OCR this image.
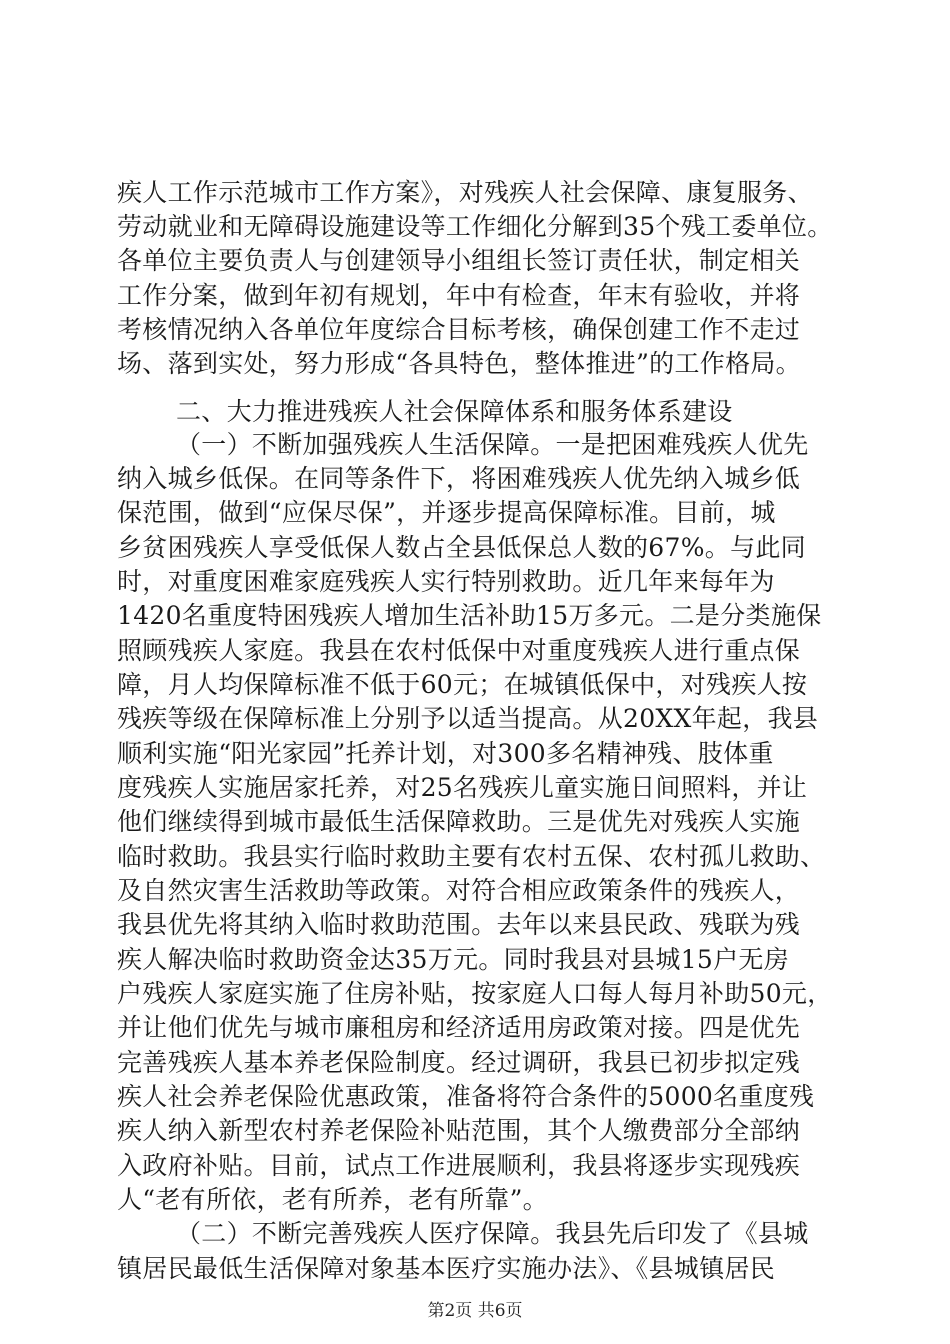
疾人工作示范城市工作方案》，对残疾人社会保障、康复服务、
劳动就业和无障碍设施建设等工作细化分解到35个残工委单位。
各单位主要负责人与创建领导小组组长签订责任状，制定相关
工作分案，做到年初有规划，年中有检查，年末有验收，并将
考核情况纳入各单位年度综合目标考核，确保创建工作不走过
场、落到实处，努力形成“各具特色，整体推进”的工作格局。
二、大力推进残疾人社会保障体系和服务体系建设
（一）不断加强残疾人生活保障。一是把困难残疾人优先
纳入城乡低保。在同等条件下，将困难残疾人优先纳入城乡低
保范围，做到“应保尽保”，并逐步提高保障标准。目前，城
乡贫困残疾人享受低保人数占全县低保总人数的67%。与此同
时，对重度困难家庭残疾人实行特别救助。近几年来每年为
1420名重度特困残疾人增加生活补助15万多元。二是分类施保
照顾残疾人家庭。我县在农村低保中对重度残疾人进行重点保
障，月人均保障标准不低于60元；在城镇低保中，对残疾人按
残疾等级在保障标准上分别予以适当提高。从20XX年起，我县
顺利实施“阳光家园”托养计划，对300多名精神残、肢体重
度残疾人实施居家托养，对25名残疾儿童实施日间照料，并让
他们继续得到城市最低生活保障救助。三是优先对残疾人实施
临时救助。我县实行临时救助主要有农村五保、农村孤儿救助、
及自然灾害生活救助等政策。对符合相应政策条件的残疾人，
我县优先将其纳入临时救助范围。去年以来县民政、残联为残
疾人解决临时救助资金达35万元。同时我县对县城15户无房
户残疾人家庭实施了住房补贴，按家庭人口每人每月补助50元，
并让他们优先与城市廉租房和经济适用房政策对接。四是优先
完善残疾人基本养老保险制度。经过调研，我县已初步拟定残
疾人社会养老保险优惠政策，准备将符合条件的5000名重度残
疾人纳入新型农村养老保险补贴范围，其个人缴费部分全部纳
入政府补贴。目前，试点工作进展顺利，我县将逐步实现残疾
人“老有所依，老有所养，老有所靠”。
（二）不断完善残疾人医疗保障。我县先后印发了《县城
镇居民最低生活保障对象基本医疗实施办法》、《县城镇居民
第2页 共6页
